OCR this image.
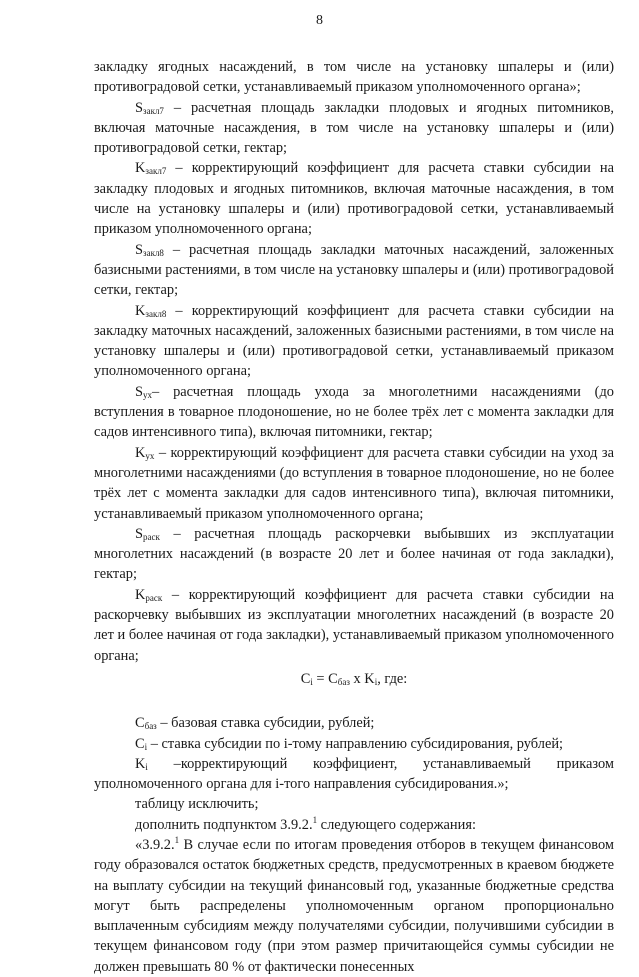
8

закладку ягодных насаждений, в том числе на установку шпалеры и (или) противоградовой сетки, устанавливаемый приказом уполномоченного органа»;

$S_{закл7}$ – расчетная площадь закладки плодовых и ягодных питомников, включая маточные насаждения, в том числе на установку шпалеры и (или) противоградовой сетки, гектар;

$K_{закл7}$ – корректирующий коэффициент для расчета ставки субсидии на закладку плодовых и ягодных питомников, включая маточные насаждения, в том числе на установку шпалеры и (или) противоградовой сетки, устанавливаемый приказом уполномоченного органа;

$S_{закл8}$ – расчетная площадь закладки маточных насаждений, заложенных базисными растениями, в том числе на установку шпалеры и (или) противоградовой сетки, гектар;

$K_{закл8}$ – корректирующий коэффициент для расчета ставки субсидии на закладку маточных насаждений, заложенных базисными растениями, в том числе на установку шпалеры и (или) противоградовой сетки, устанавливаемый приказом уполномоченного органа;

$S_{ух}-$ расчетная площадь ухода за многолетними насаждениями (до вступления в товарное плодоношение, но не более трёх лет с момента закладки для садов интенсивного типа), включая питомники, гектар;

$K_{ух}$ – корректирующий коэффициент для расчета ставки субсидии на уход за многолетними насаждениями (до вступления в товарное плодоношение, но не более трёх лет с момента закладки для садов интенсивного типа), включая питомники, устанавливаемый приказом уполномоченного органа;

$S_{раск}$ – расчетная площадь раскорчевки выбывших из эксплуатации многолетних насаждений (в возрасте 20 лет и более начиная от года закладки), гектар;

$K_{раск}$ – корректирующий коэффициент для расчета ставки субсидии на раскорчевку выбывших из эксплуатации многолетних насаждений (в возрасте 20 лет и более начиная от года закладки), устанавливаемый приказом уполномоченного органа;

$C_i = С_{баз}$ х $K_i$, где:

$С_{баз}$ – базовая ставка субсидии, рублей;

$C_i$ – ставка субсидии по i-тому направлению субсидирования, рублей;

$K_i$ –корректирующий коэффициент, устанавливаемый приказом уполномоченного органа для i-того направления субсидирования.»;

таблицу исключить;

дополнить подпунктом 3.9.2.$^1$ следующего содержания:

«3.9.2.$^1$ В случае если по итогам проведения отборов в текущем финансовом году образовался остаток бюджетных средств, предусмотренных в краевом бюджете на выплату субсидии на текущий финансовый год, указанные бюджетные средства могут быть распределены уполномоченным органом пропорционально выплаченным субсидиям между получателями субсидии, получившими субсидии в текущем финансовом году (при этом размер причитающейся суммы субсидии не должен превышать 80 % от фактически понесенных
